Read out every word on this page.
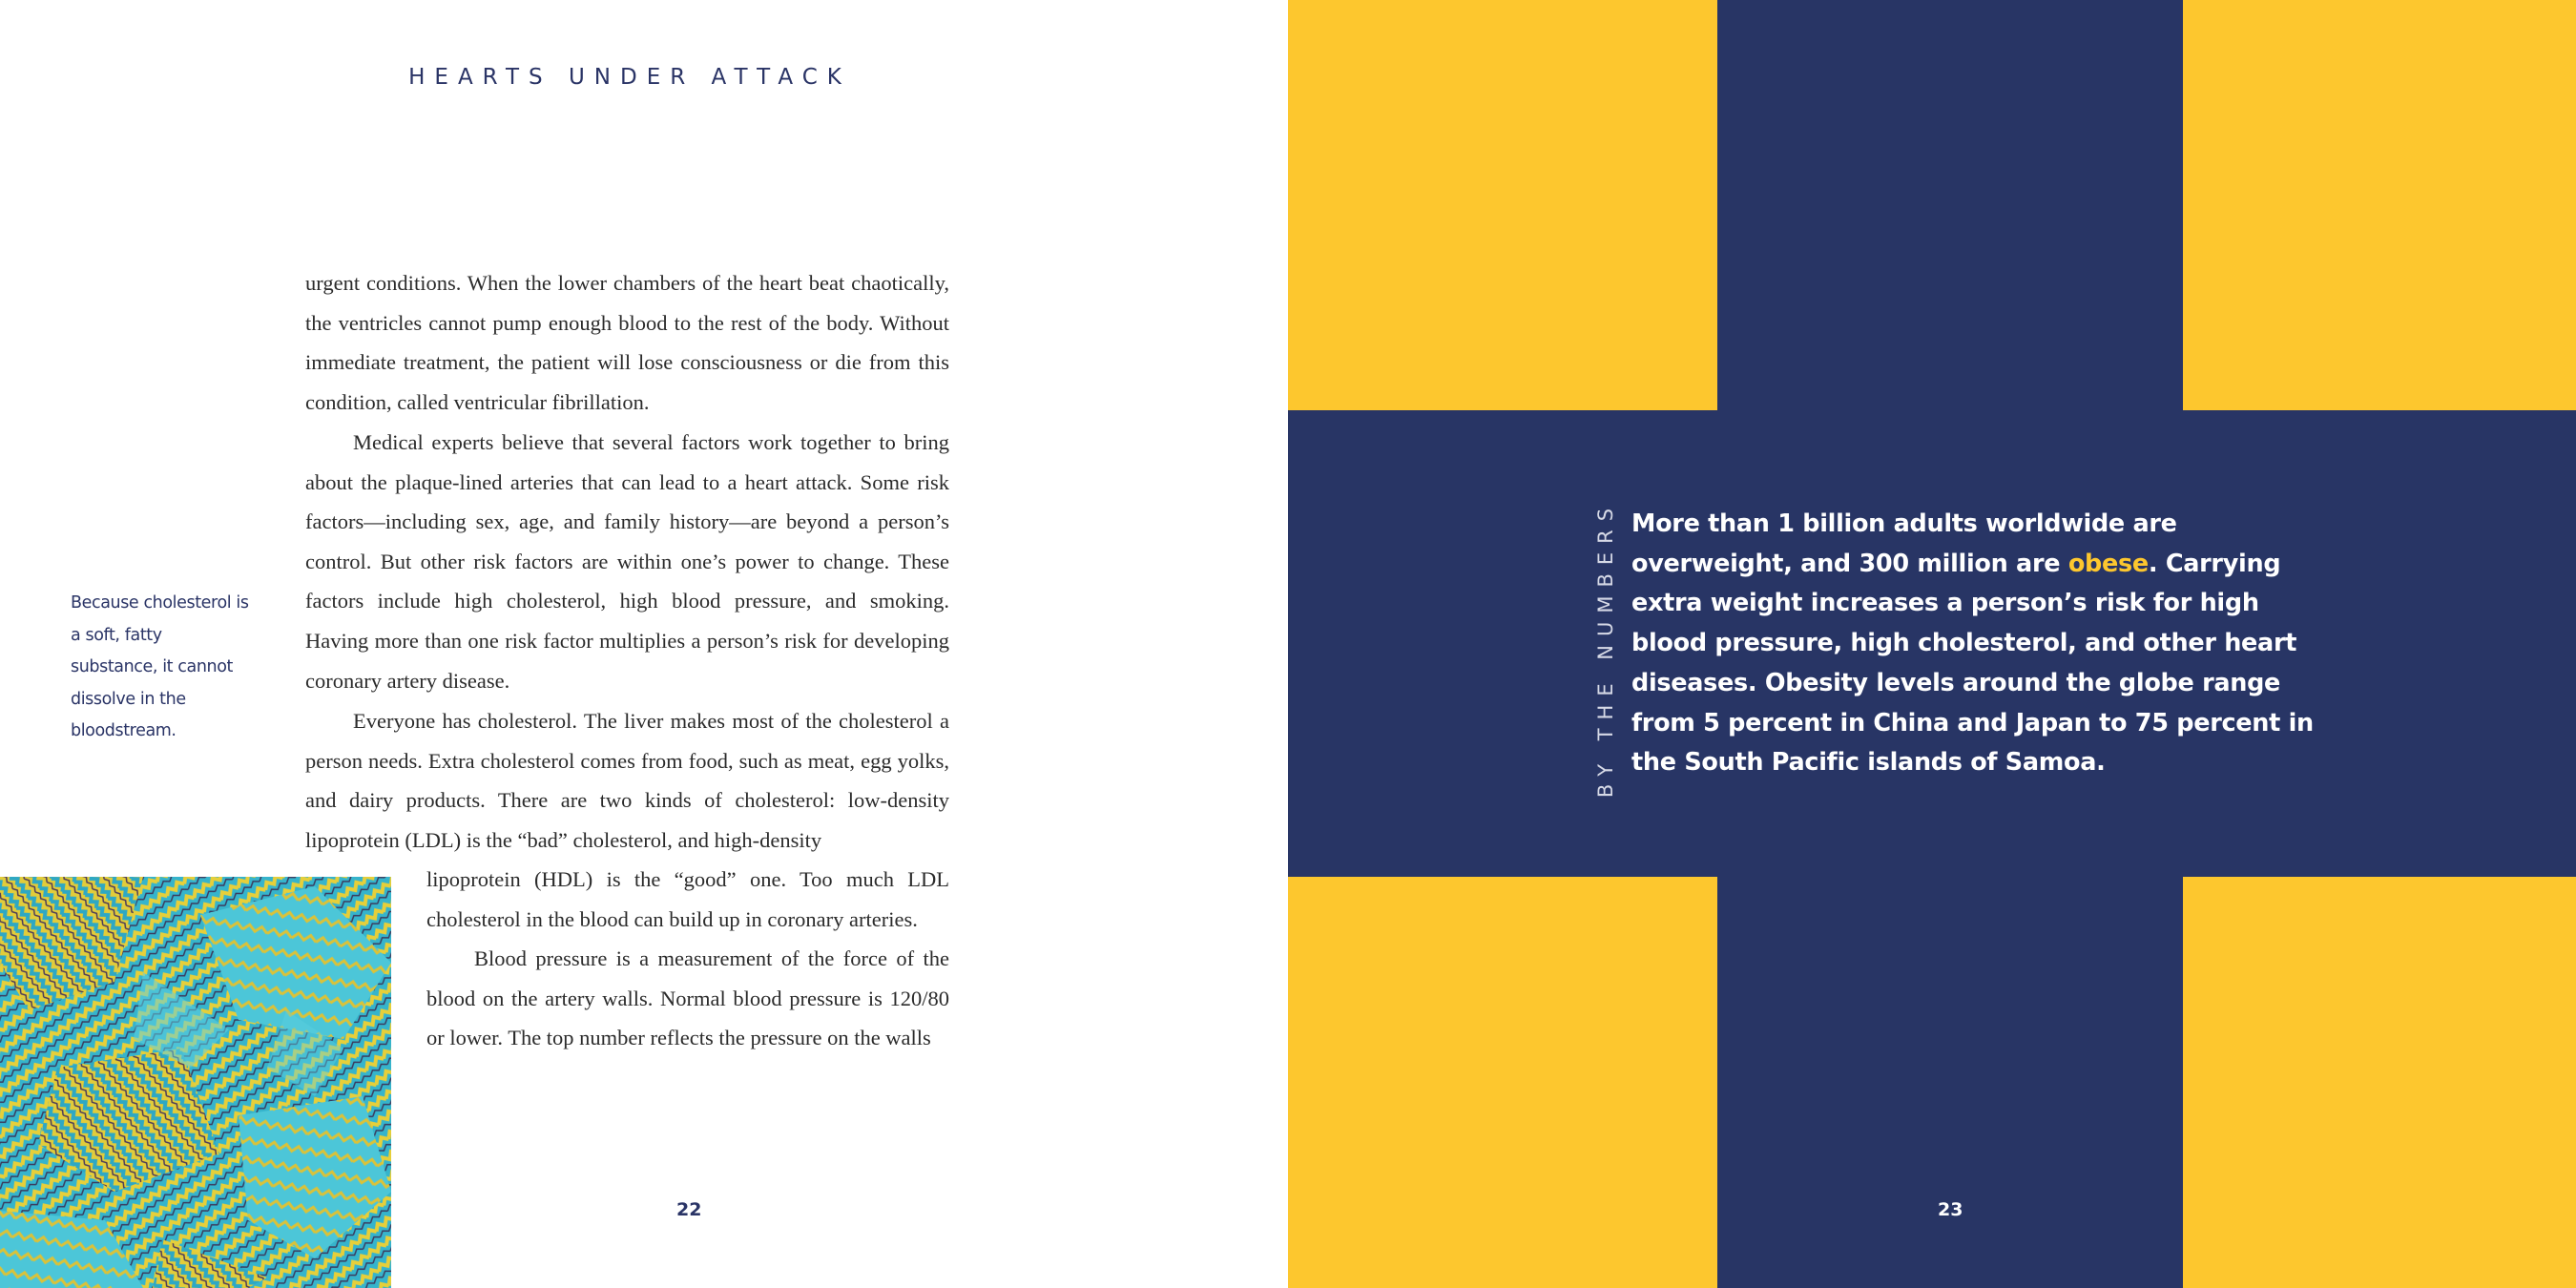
HEARTS UNDER ATTACK

urgent conditions. When the lower chambers of the heart beat chaotically, the ventricles cannot pump enough blood to the rest of the body. Without immediate treatment, the patient will lose consciousness or die from this condition, called ventricular fibrillation.

Medical experts believe that several factors work together to bring about the plaque-lined arteries that can lead to a heart attack. Some risk factors—including sex, age, and family history—are beyond a person’s control. But other risk factors are within one’s power to change. These factors include high cholesterol, high blood pressure, and smoking. Having more than one risk factor multiplies a person’s risk for developing coronary artery disease.

Everyone has cholesterol. The liver makes most of the cholesterol a person needs. Extra cholesterol comes from food, such as meat, egg yolks, and dairy products. There are two kinds of cholesterol: low-density lipoprotein (LDL) is the “bad” cholesterol, and high-density

lipoprotein (HDL) is the “good” one. Too much LDL cholesterol in the blood can build up in coronary arteries.

Blood pressure is a measurement of the force of the blood on the artery walls. Normal blood pressure is 120/80 or lower. The top number reflects the pressure on the walls

Because cholesterol is a soft, fatty substance, it cannot dissolve in the bloodstream.
22
BY THE NUMBERS More than 1 billion adults worldwide are overweight, and 300 million are obese. Carrying extra weight increases a person’s risk for high blood pressure, high cholesterol, and other heart diseases. Obesity levels around the globe range from 5 percent in China and Japan to 75 percent in the South Pacific islands of Samoa.

23
